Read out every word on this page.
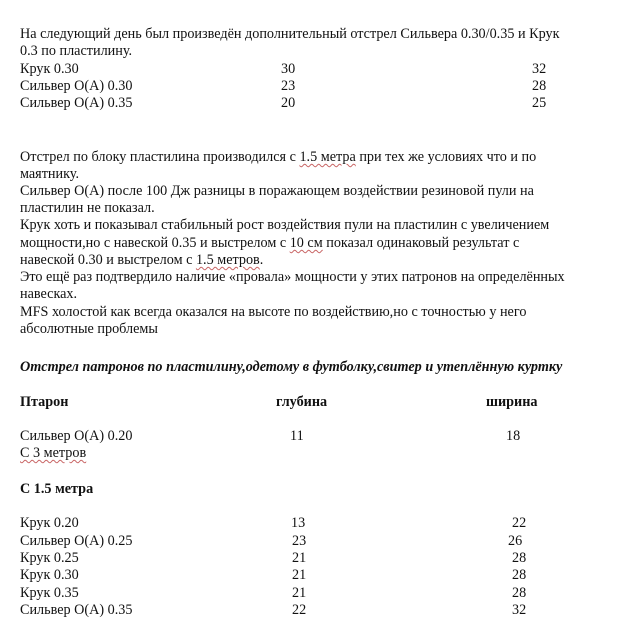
На следующий день был произведён дополнительный отстрел Сильвера 0.30/0.35 и Крук
0.3 по пластилину.
Крук 0.30	30	32
Сильвер О(А) 0.30	23	28
Сильвер О(А) 0.35	20	25
Отстрел по блоку пластилина производился с 1.5 метра при тех же условиях что и по
маятнику.
Сильвер О(А) после 100 Дж разницы в поражающем воздействии резиновой пули на
пластилин не показал.
Крук хоть и показывал стабильный рост воздействия пули на пластилин с увеличением
мощности,но с навеской 0.35 и выстрелом с 10 см показал одинаковый результат с
навеской 0.30 и выстрелом с 1.5 метров.
Это ещё раз подтвердило наличие «провала» мощности у этих патронов на определённых
навесках.
MFS холостой как всегда оказался на высоте по воздействию,но с точностью у него
абсолютные проблемы
Отстрел патронов по пластилину,одетому в футболку,свитер и утеплённую куртку
Птарон	глубина	ширина
Сильвер О(А) 0.20	11	18
С 3 метров
С 1.5 метра
Крук 0.20	13	22
Сильвер О(А) 0.25	23	26
Крук 0.25	21	28
Крук 0.30	21	28
Крук 0.35	21	28
Сильвер О(А) 0.35	22	32
